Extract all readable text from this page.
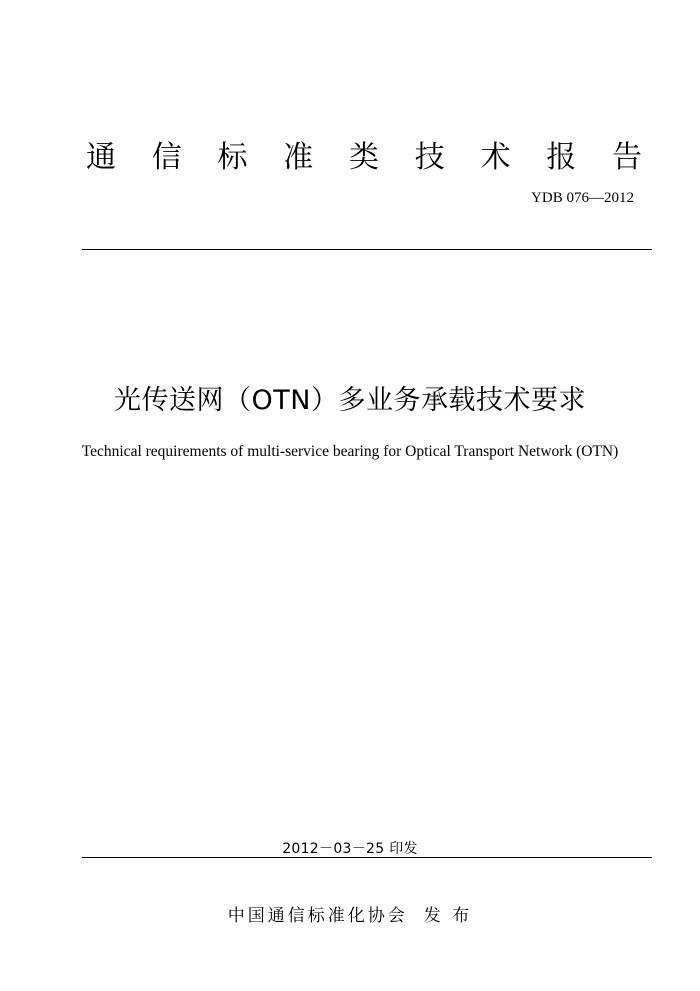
通 信 标 准 类 技 术 报 告
YDB 076—2012
光传送网（OTN）多业务承载技术要求
Technical requirements of multi-service bearing for Optical Transport Network (OTN)
2012－03－25 印发
中国通信标准化协会 发 布
